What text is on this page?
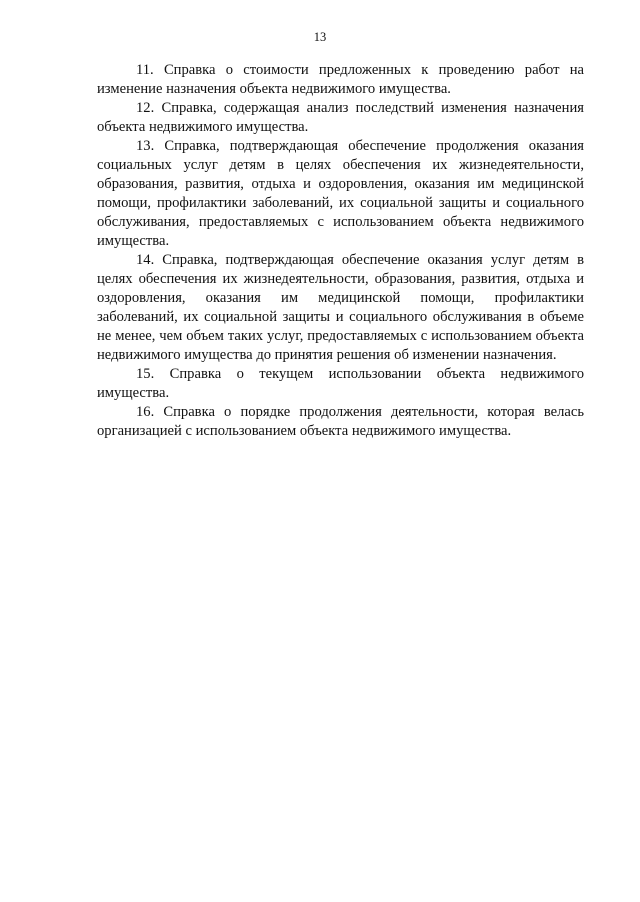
13

11. Справка о стоимости предложенных к проведению работ на изменение назначения объекта недвижимого имущества.

12. Справка, содержащая анализ последствий изменения назначения объекта недвижимого имущества.

13. Справка, подтверждающая обеспечение продолжения оказания социальных услуг детям в целях обеспечения их жизнедеятельности, образования, развития, отдыха и оздоровления, оказания им медицинской помощи, профилактики заболеваний, их социальной защиты и социального обслуживания, предоставляемых с использованием объекта недвижимого имущества.

14. Справка, подтверждающая обеспечение оказания услуг детям в целях обеспечения их жизнедеятельности, образования, развития, отдыха и оздоровления, оказания им медицинской помощи, профилактики заболеваний, их социальной защиты и социального обслуживания в объеме не менее, чем объем таких услуг, предоставляемых с использованием объекта недвижимого имущества до принятия решения об изменении назначения.

15. Справка о текущем использовании объекта недвижимого имущества.

16. Справка о порядке продолжения деятельности, которая велась организацией с использованием объекта недвижимого имущества.
